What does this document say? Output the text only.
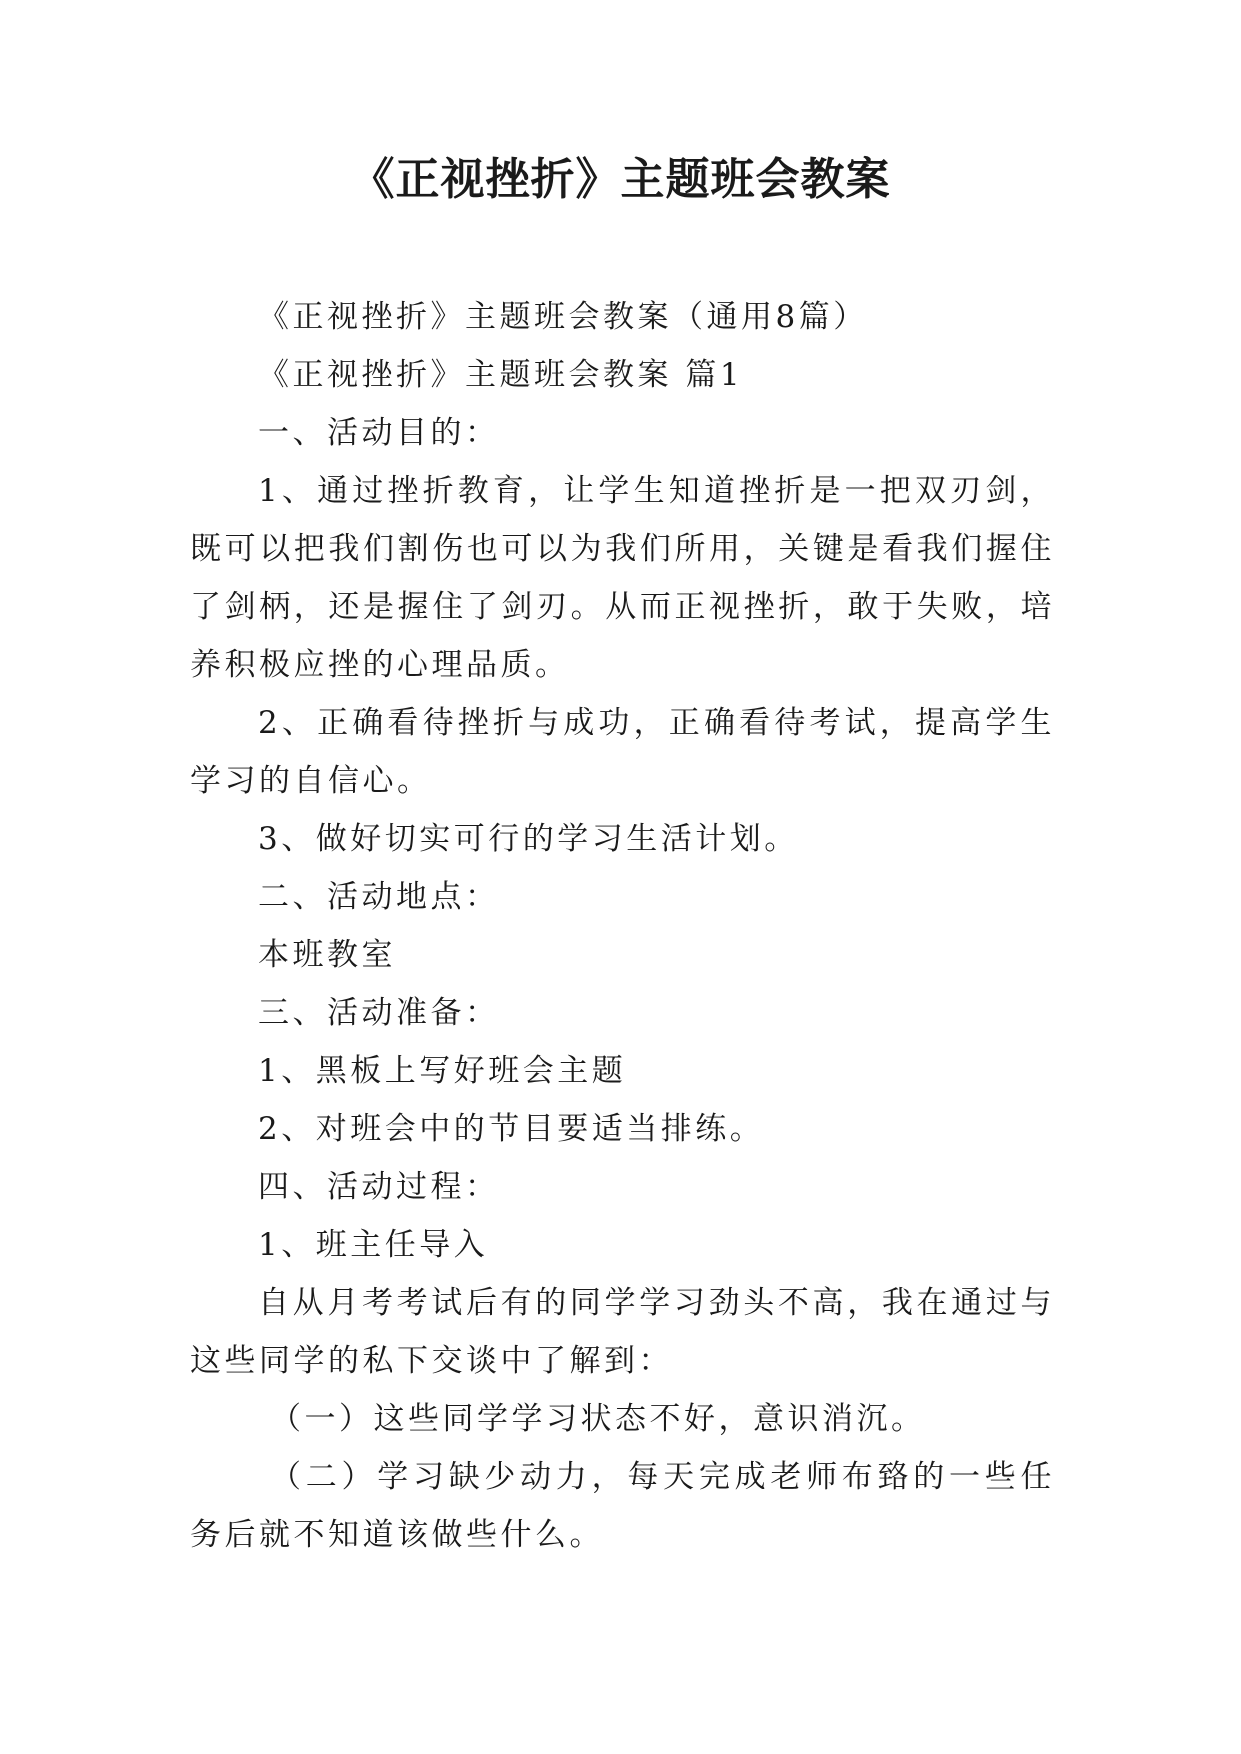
《正视挫折》主题班会教案

《正视挫折》主题班会教案（通用8篇）

《正视挫折》主题班会教案 篇1

一、活动目的：

1、通过挫折教育，让学生知道挫折是一把双刃剑，既可以把我们割伤也可以为我们所用，关键是看我们握住了剑柄，还是握住了剑刃。从而正视挫折，敢于失败，培养积极应挫的心理品质。

2、正确看待挫折与成功，正确看待考试，提高学生学习的自信心。

3、做好切实可行的学习生活计划。

二、活动地点：

本班教室

三、活动准备：

1、黑板上写好班会主题

2、对班会中的节目要适当排练。

四、活动过程：

1、班主任导入

自从月考考试后有的同学学习劲头不高，我在通过与这些同学的私下交谈中了解到：

（一）这些同学学习状态不好，意识消沉。

（二）学习缺少动力，每天完成老师布臵的一些任务后就不知道该做些什么。
